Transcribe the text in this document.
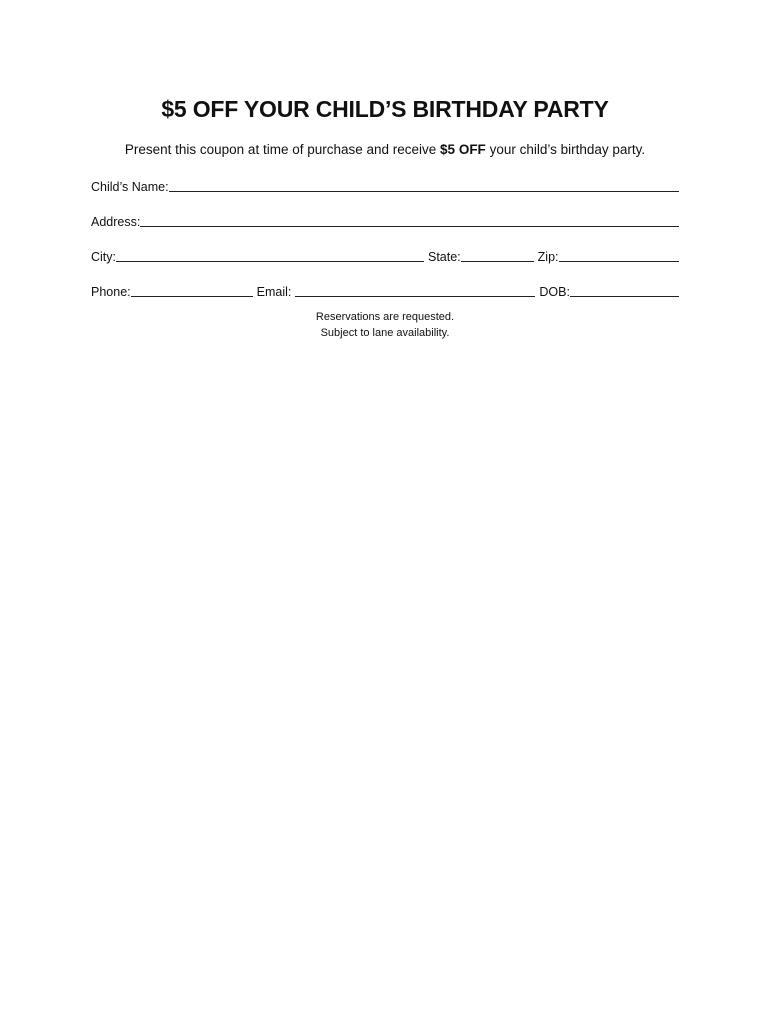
$5 OFF YOUR CHILD’S BIRTHDAY PARTY
Present this coupon at time of purchase and receive $5 OFF your child’s birthday party.
Child’s Name:
Address:
City:	State:	Zip:
Phone:	Email:	DOB:
Reservations are requested.
Subject to lane availability.
